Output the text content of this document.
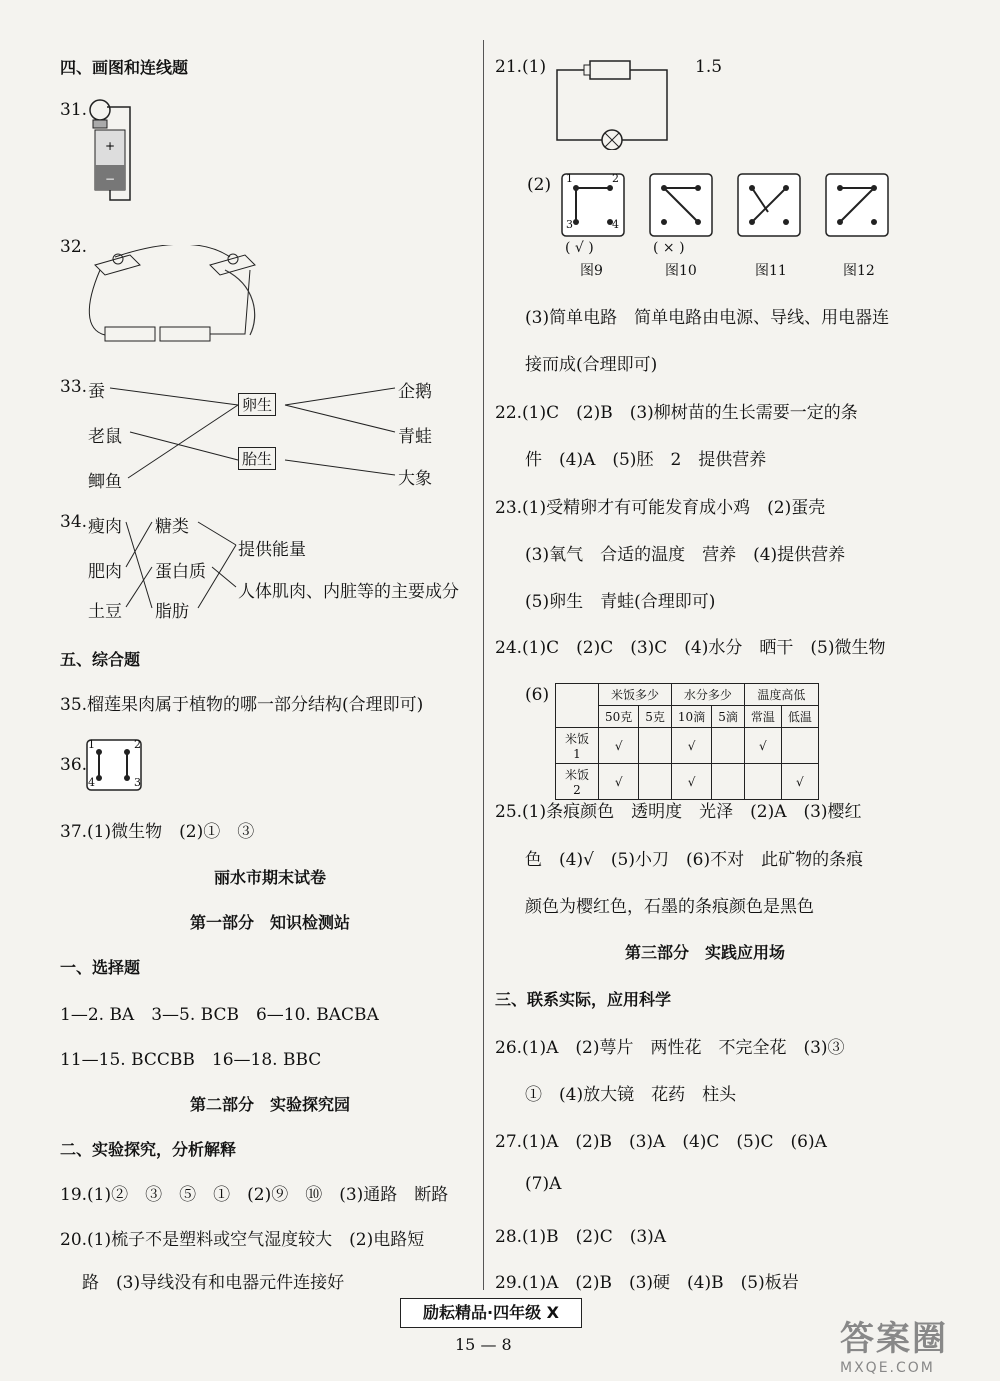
四、画图和连线题
31.
+
−
32.
33. 蚕
老鼠
鲫鱼
卵生
胎生
企鹅
青蛙
大象
34. 瘦肉
肥肉
土豆
糖类
蛋白质
脂肪
提供能量
人体肌肉、内脏等的主要成分
五、综合题
35.榴莲果肉属于植物的哪一部分结构(合理即可)
36.
1	2
4	3
37.(1)微生物　(2)①　③
丽水市期末试卷
第一部分　知识检测站
一、选择题
1—2. BA　3—5. BCB　6—10. BACBA
11—15. BCCBB　16—18. BBC
第二部分　实验探究园
二、实验探究，分析解释
19.(1)②　③　⑤　①　(2)⑨　⑩　(3)通路　断路
20.(1)梳子不是塑料或空气湿度较大　(2)电路短
路　(3)导线没有和电器元件连接好
21.(1)	1.5
(2) 1	2
3	4
( √ )	( × )
图9	图10	图11	图12
(3)简单电路　简单电路由电源、导线、用电器连
接而成(合理即可)
22.(1)C　(2)B　(3)柳树苗的生长需要一定的条
件　(4)A　(5)胚　2　提供营养
23.(1)受精卵才有可能发育成小鸡　(2)蛋壳
(3)氧气　合适的温度　营养　(4)提供营养
(5)卵生　青蛙(合理即可)
24.(1)C　(2)C　(3)C　(4)水分　晒干　(5)微生物
(6)
		米饭多少		水分多少		温度高低	
	50克	5克	10滴	5滴	常温	低温
米饭1	√		√		√	
米饭2	√		√			√
25.(1)条痕颜色　透明度　光泽　(2)A　(3)樱红
色　(4)√　(5)小刀　(6)不对　此矿物的条痕
颜色为樱红色，石墨的条痕颜色是黑色
第三部分　实践应用场
三、联系实际，应用科学
26.(1)A　(2)萼片　两性花　不完全花　(3)③
①　(4)放大镜　花药　柱头
27.(1)A　(2)B　(3)A　(4)C　(5)C　(6)A
(7)A
28.(1)B　(2)C　(3)A
29.(1)A　(2)B　(3)硬　(4)B　(5)板岩
励耘精品·四年级 X
15 — 8	答案圈
MXQE.COM
